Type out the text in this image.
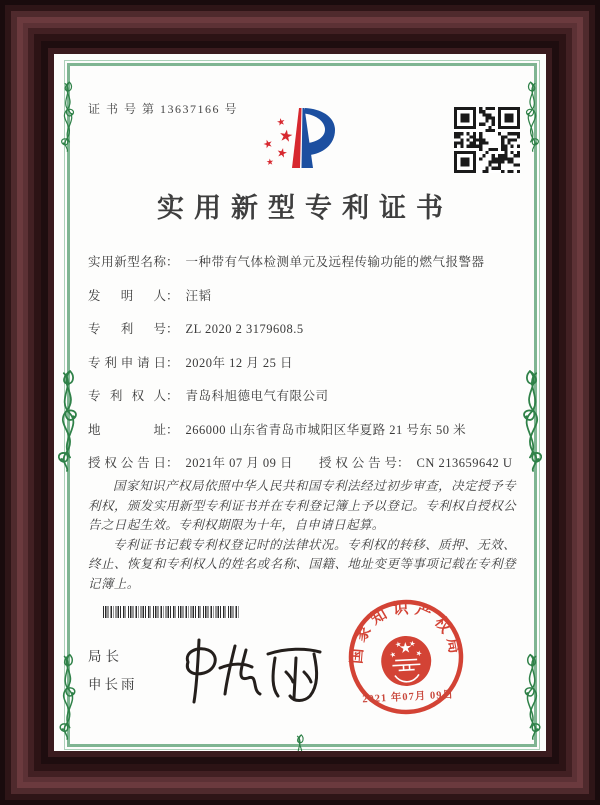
证 书 号 第 13637166 号
实用新型专利证书
实用新型名称 ： 一种带有气体检测单元及远程传输功能的燃气报警器
发明人 ： 汪韬
专利号 ： ZL 2020 2 3179608.5
专利申请日 ： 2020年 12 月 25 日
专利权人 ： 青岛科旭德电气有限公司
地址 ： 266000 山东省青岛市城阳区华夏路 21 号东 50 米
授权公告日 ： 2021年 07 月 09 日 授权公告号 ： CN 213659642 U

国家知识产权局依照中华人民共和国专利法经过初步审查，决定授予专利权，颁发实用新型专利证书并在专利登记簿上予以登记。专利权自授权公告之日起生效。专利权期限为十年，自申请日起算。

专利证书记载专利权登记时的法律状况。专利权的转移、质押、无效、终止、恢复和专利权人的姓名或名称、国籍、地址变更等事项记载在专利登记簿上。

局长
申长雨
国家知识产权局
2021 年07月 09日
